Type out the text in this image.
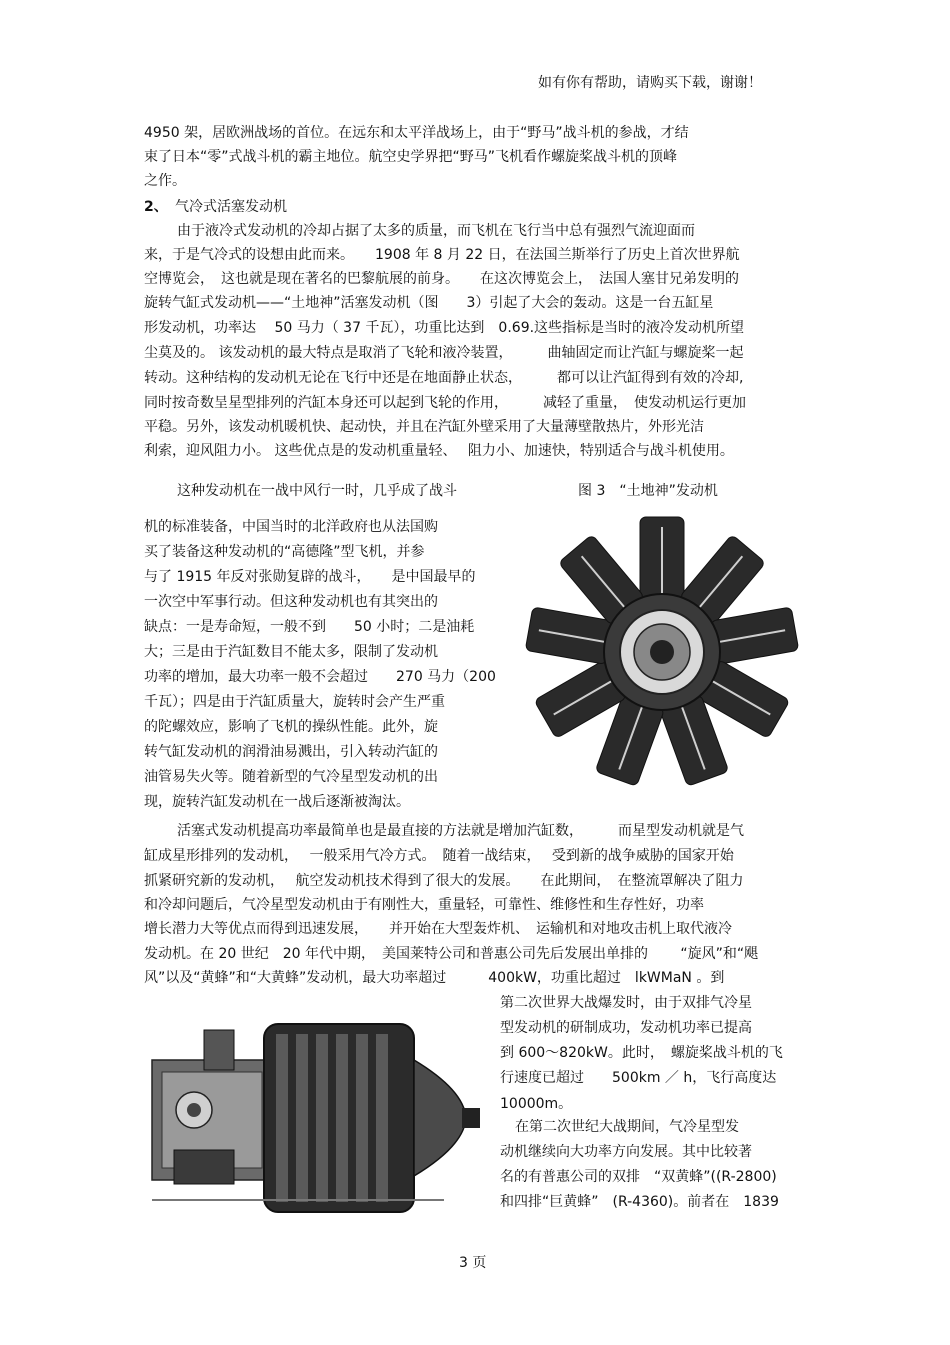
如有你有帮助，请购买下载，谢谢！
4950 架，居欧洲战场的首位。在远东和太平洋战场上，由于“野马”战斗机的参战，才结
束了日本“零”式战斗机的霸主地位。航空史学界把“野马”飞机看作螺旋桨战斗机的顶峰
之作。
2、 气冷式活塞发动机
由于液冷式发动机的冷却占据了太多的质量，而飞机在飞行当中总有强烈气流迎面而
来，于是气冷式的设想由此而来。　　1908 年 8 月 22 日，在法国兰斯举行了历史上首次世界航
空博览会，　这也就是现在著名的巴黎航展的前身。　　在这次博览会上，　法国人塞甘兄弟发明的
旋转气缸式发动机——“土地神”活塞发动机（图　　3）引起了大会的轰动。这是一台五缸星
形发动机，功率达　 50 马力（ 37 千瓦），功重比达到　0.69.这些指标是当时的液冷发动机所望
尘莫及的。 该发动机的最大特点是取消了飞轮和液冷装置，　　　曲轴固定而让汽缸与螺旋桨一起
转动。这种结构的发动机无论在飞行中还是在地面静止状态，　　　都可以让汽缸得到有效的冷却,
同时按奇数呈星型排列的汽缸本身还可以起到飞轮的作用，　　　减轻了重量，　使发动机运行更加
平稳。另外，该发动机暖机快、起动快，并且在汽缸外壁采用了大量薄壁散热片，外形光洁
利索，迎风阻力小。 这些优点是的发动机重量轻、　 阻力小、加速快，特别适合与战斗机使用。
这种发动机在一战中风行一时，几乎成了战斗	图 3　“土地神”发动机
机的标准装备，中国当时的北洋政府也从法国购
买了装备这种发动机的“高德隆”型飞机，并参
与了 1915 年反对张勋复辟的战斗，　　是中国最早的
一次空中军事行动。但这种发动机也有其突出的
缺点：一是寿命短，一般不到　　50 小时；二是油耗
大；三是由于汽缸数目不能太多，限制了发动机
功率的增加，最大功率一般不会超过　　270 马力（200
千瓦）；四是由于汽缸质量大，旋转时会产生严重
的陀螺效应，影响了飞机的操纵性能。此外，旋
转气缸发动机的润滑油易溅出，引入转动汽缸的
油管易失火等。随着新型的气冷星型发动机的出
现，旋转汽缸发动机在一战后逐渐被淘汰。
活塞式发动机提高功率最简单也是最直接的方法就是增加汽缸数，　　　而星型发动机就是气
缸成星形排列的发动机，　 一般采用气冷方式。　随着一战结束，　 受到新的战争威胁的国家开始
抓紧研究新的发动机，　 航空发动机技术得到了很大的发展。　　在此期间，　在整流罩解决了阻力
和冷却问题后，气冷星型发动机由于有刚性大，重量轻，可靠性、维修性和生存性好，功率
增长潜力大等优点而得到迅速发展，　　并开始在大型轰炸机、　运输机和对地攻击机上取代液冷
发动机。在 20 世纪　20 年代中期，　美国莱特公司和普惠公司先后发展出单排的　　 “旋风”和“飓
风”以及“黄蜂”和“大黄蜂”发动机，最大功率超过　　　400kW，功重比超过　lkWMaN 。到
第二次世界大战爆发时，由于双排气冷星
型发动机的研制成功，发动机功率已提高
到 600～820kW。此时，　螺旋桨战斗机的飞
行速度已超过　　500km ／ h，飞行高度达
10000m。
在第二次世纪大战期间，气冷星型发
动机继续向大功率方向发展。其中比较著
名的有普惠公司的双排　“双黄蜂”((R-2800)
和四排“巨黄蜂”　(R-4360)。前者在　1839
3 页
